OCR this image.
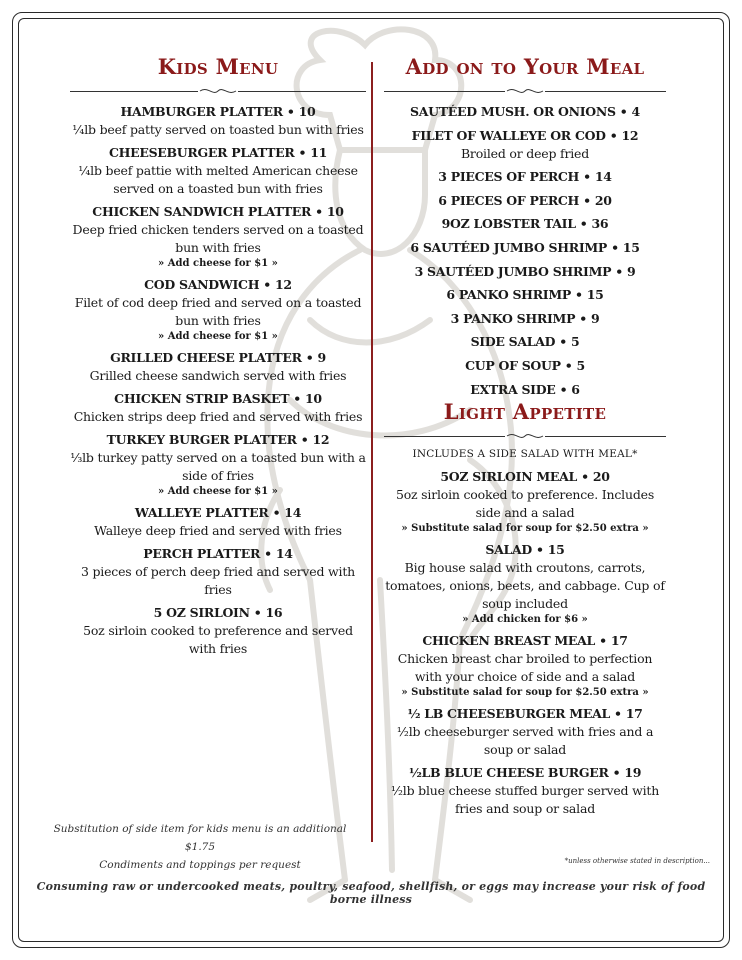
Kids Menu
HAMBURGER PLATTER • 10
¼lb beef patty served on toasted bun with fries
CHEESEBURGER PLATTER • 11
¼lb beef pattie with melted American cheese served on a toasted bun with fries
CHICKEN SANDWICH PLATTER • 10
Deep fried chicken tenders served on a toasted bun with fries
» Add cheese for $1 »
COD SANDWICH • 12
Filet of cod deep fried and served on a toasted bun with fries
» Add cheese for $1 »
GRILLED CHEESE PLATTER • 9
Grilled cheese sandwich served with fries
CHICKEN STRIP BASKET • 10
Chicken strips deep fried and served with fries
TURKEY BURGER PLATTER • 12
⅓lb turkey patty served on a toasted bun with a side of fries
» Add cheese for $1 »
WALLEYE PLATTER • 14
Walleye deep fried and served with fries
PERCH PLATTER • 14
3 pieces of perch deep fried and served with fries
5 OZ SIRLOIN • 16
5oz sirloin cooked to preference and served with fries
Add on to Your Meal
SAUTÉED MUSH. OR ONIONS • 4
FILET OF WALLEYE OR COD • 12
Broiled or deep fried
3 PIECES OF PERCH • 14
6 PIECES OF PERCH • 20
9OZ LOBSTER TAIL • 36
6 SAUTÉED JUMBO SHRIMP • 15
3 SAUTÉED JUMBO SHRIMP • 9
6 PANKO SHRIMP • 15
3 PANKO SHRIMP • 9
SIDE SALAD • 5
CUP OF SOUP • 5
EXTRA SIDE • 6
Light Appetite
INCLUDES A SIDE SALAD WITH MEAL*
5OZ SIRLOIN MEAL • 20
5oz sirloin cooked to preference. Includes side and a salad
» Substitute salad for soup for $2.50 extra »
SALAD • 15
Big house salad with croutons, carrots, tomatoes, onions, beets, and cabbage. Cup of soup included
» Add chicken for $6 »
CHICKEN BREAST MEAL • 17
Chicken breast char broiled to perfection with your choice of side and a salad
» Substitute salad for soup for $2.50 extra »
½ LB CHEESEBURGER MEAL • 17
½lb cheeseburger served with fries and a soup or salad
½LB BLUE CHEESE BURGER • 19
½lb blue cheese stuffed burger served with fries and soup or salad
Substitution of side item for kids menu is an additional $1.75
Condiments and toppings per request	*unless otherwise stated in description...
Consuming raw or undercooked meats, poultry, seafood, shellfish, or eggs may increase your risk of food borne illness
